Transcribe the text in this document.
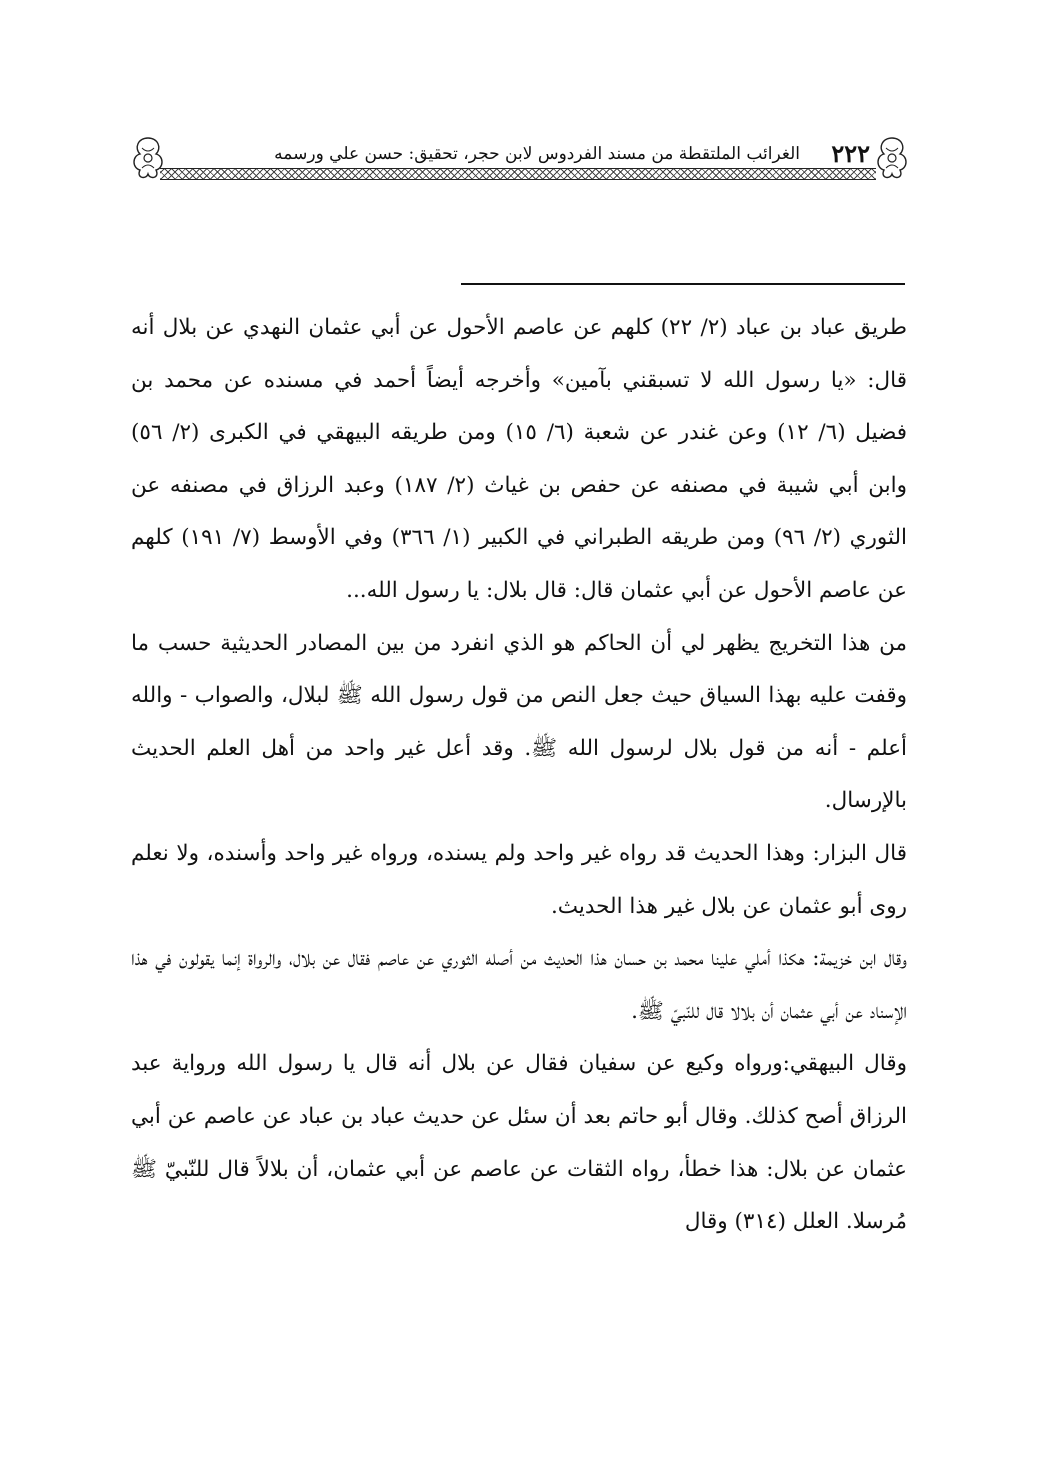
٢٢٢
الغرائب الملتقطة من مسند الفردوس لابن حجر، تحقيق: حسن علي ورسمه

طريق عباد بن عباد (٢/ ٢٢) كلهم عن عاصم الأحول عن أبي عثمان النهدي عن بلال أنه قال: «يا رسول الله لا تسبقني بآمين» وأخرجه أيضاً أحمد في مسنده عن محمد بن فضيل (٦/ ١٢) وعن غندر عن شعبة (٦/ ١٥) ومن طريقه البيهقي في الكبرى (٢/ ٥٦) وابن أبي شيبة في مصنفه عن حفص بن غياث (٢/ ١٨٧) وعبد الرزاق في مصنفه عن الثوري (٢/ ٩٦) ومن طريقه الطبراني في الكبير (١/ ٣٦٦) وفي الأوسط (٧/ ١٩١) كلهم عن عاصم الأحول عن أبي عثمان قال: قال بلال: يا رسول الله...

من هذا التخريج يظهر لي أن الحاكم هو الذي انفرد من بين المصادر الحديثية حسب ما وقفت عليه بهذا السياق حيث جعل النص من قول رسول الله ﷺ لبلال، والصواب - والله أعلم - أنه من قول بلال لرسول الله ﷺ. وقد أعل غير واحد من أهل العلم الحديث بالإرسال.

قال البزار: وهذا الحديث قد رواه غير واحد ولم يسنده، ورواه غير واحد وأسنده، ولا نعلم روى أبو عثمان عن بلال غير هذا الحديث.

وقال ابن خزيمة: هكذا أملي علينا محمد بن حسان هذا الحديث من أصله الثوري عن عاصم فقال عن بلال، والرواة إنما يقولون في هذا الإسناد عن أبي عثمان أن بلالا قال للنّبيّ ﷺ.

وقال البيهقي:ورواه وكيع عن سفيان فقال عن بلال أنه قال يا رسول الله ورواية عبد الرزاق أصح كذلك. وقال أبو حاتم بعد أن سئل عن حديث عباد بن عباد عن عاصم عن أبي عثمان عن بلال: هذا خطأ، رواه الثقات عن عاصم عن أبي عثمان، أن بلالاً قال للنّبيّ ﷺ مُرسلا. العلل (٣١٤) وقال
